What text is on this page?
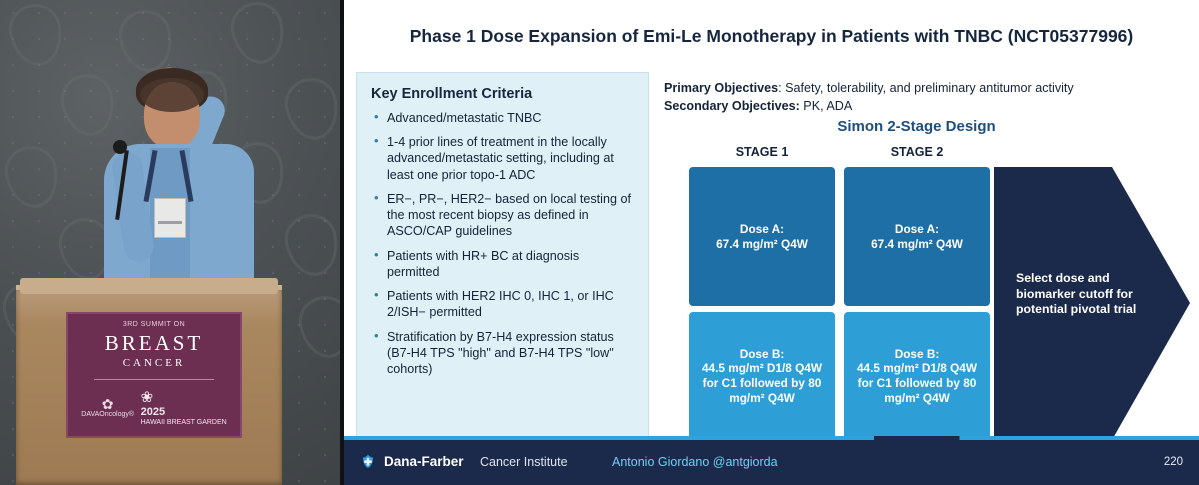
3RD SUMMIT ON
BREAST
CANCER
✿
DAVAOncology®
❀
2025
HAWAII BREAST GARDEN
Phase 1 Dose Expansion of Emi-Le Monotherapy in Patients with TNBC (NCT05377996)
Key Enrollment Criteria
• Advanced/metastatic TNBC
• 1-4 prior lines of treatment in the locally advanced/metastatic setting, including at least one prior topo-1 ADC
• ER−, PR−, HER2− based on local testing of the most recent biopsy as defined in ASCO/CAP guidelines
• Patients with HR+ BC at diagnosis permitted
• Patients with HER2 IHC 0, IHC 1, or IHC 2/ISH− permitted
• Stratification by B7-H4 expression status (B7-H4 TPS "high" and B7-H4 TPS "low" cohorts)

Primary Objectives: Safety, tolerability, and preliminary antitumor activity

Secondary Objectives: PK, ADA

Simon 2-Stage Design
STAGE 1	STAGE 2
Dose A:
67.4 mg/m² Q4W
Dose A:
67.4 mg/m² Q4W
Dose B:
44.5 mg/m² D1/8 Q4W for C1 followed by 80 mg/m² Q4W
Dose B:
44.5 mg/m² D1/8 Q4W for C1 followed by 80 mg/m² Q4W
Select dose and biomarker cutoff for potential pivotal trial
Dana-Farber Cancer Institute	Antonio Giordano @antgiorda	220
